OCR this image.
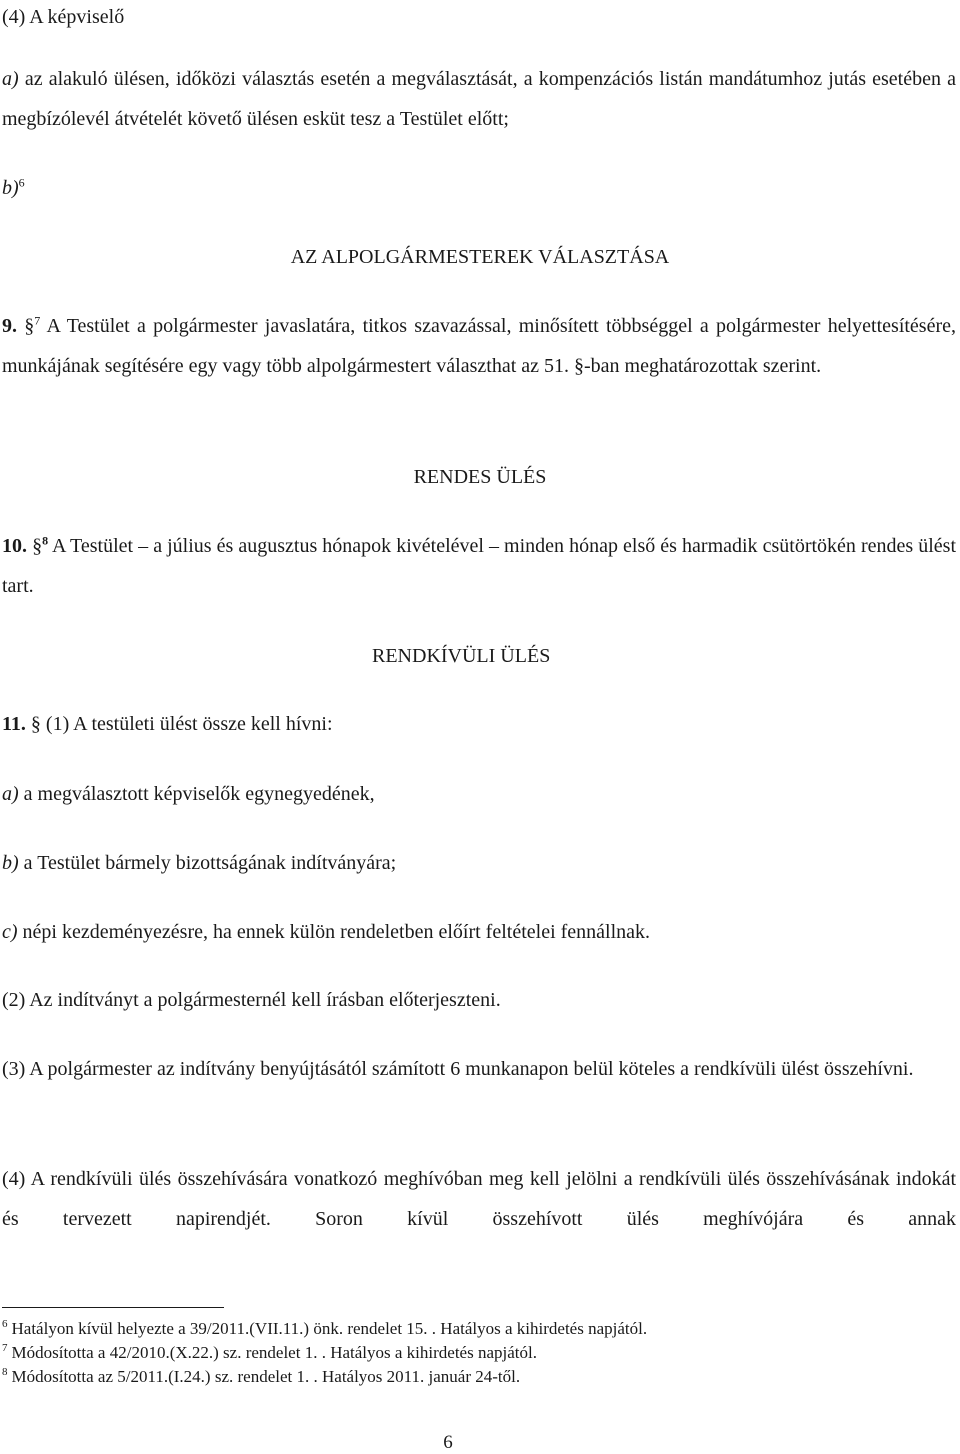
(4) A képviselő

a) az alakuló ülésen, időközi választás esetén a megválasztását, a kompenzációs listán mandátumhoz jutás esetében a megbízólevél átvételét követő ülésen esküt tesz a Testület előtt;

b)$^6$

AZ ALPOLGÁRMESTEREK VÁLASZTÁSA

9. §$^7$ A Testület a polgármester javaslatára, titkos szavazással, minősített többséggel a polgármester helyettesítésére, munkájának segítésére egy vagy több alpolgármestert választhat az 51. §-ban meghatározottak szerint.

RENDES ÜLÉS

10. §$^8$ A Testület – a július és augusztus hónapok kivételével – minden hónap első és harmadik csütörtökén rendes ülést tart.

RENDKÍVÜLI ÜLÉS

11. § (1) A testületi ülést össze kell hívni:

a) a megválasztott képviselők egynegyedének,

b) a Testület bármely bizottságának indítványára;

c) népi kezdeményezésre, ha ennek külön rendeletben előírt feltételei fennállnak.

(2) Az indítványt a polgármesternél kell írásban előterjeszteni.

(3) A polgármester az indítvány benyújtásától számított 6 munkanapon belül köteles a rendkívüli ülést összehívni.

(4) A rendkívüli ülés összehívására vonatkozó meghívóban meg kell jelölni a rendkívüli ülés összehívásának indokát és tervezett napirendjét. Soron kívül összehívott ülés meghívójára és annak

$^6$ Hatályon kívül helyezte a 39/2011.(VII.11.) önk. rendelet 15. . Hatályos a kihirdetés napjától.

$^7$ Módosította a 42/2010.(X.22.) sz. rendelet 1. . Hatályos a kihirdetés napjától.

$^8$ Módosította az 5/2011.(I.24.) sz. rendelet 1. . Hatályos 2011. január 24-től.

6
